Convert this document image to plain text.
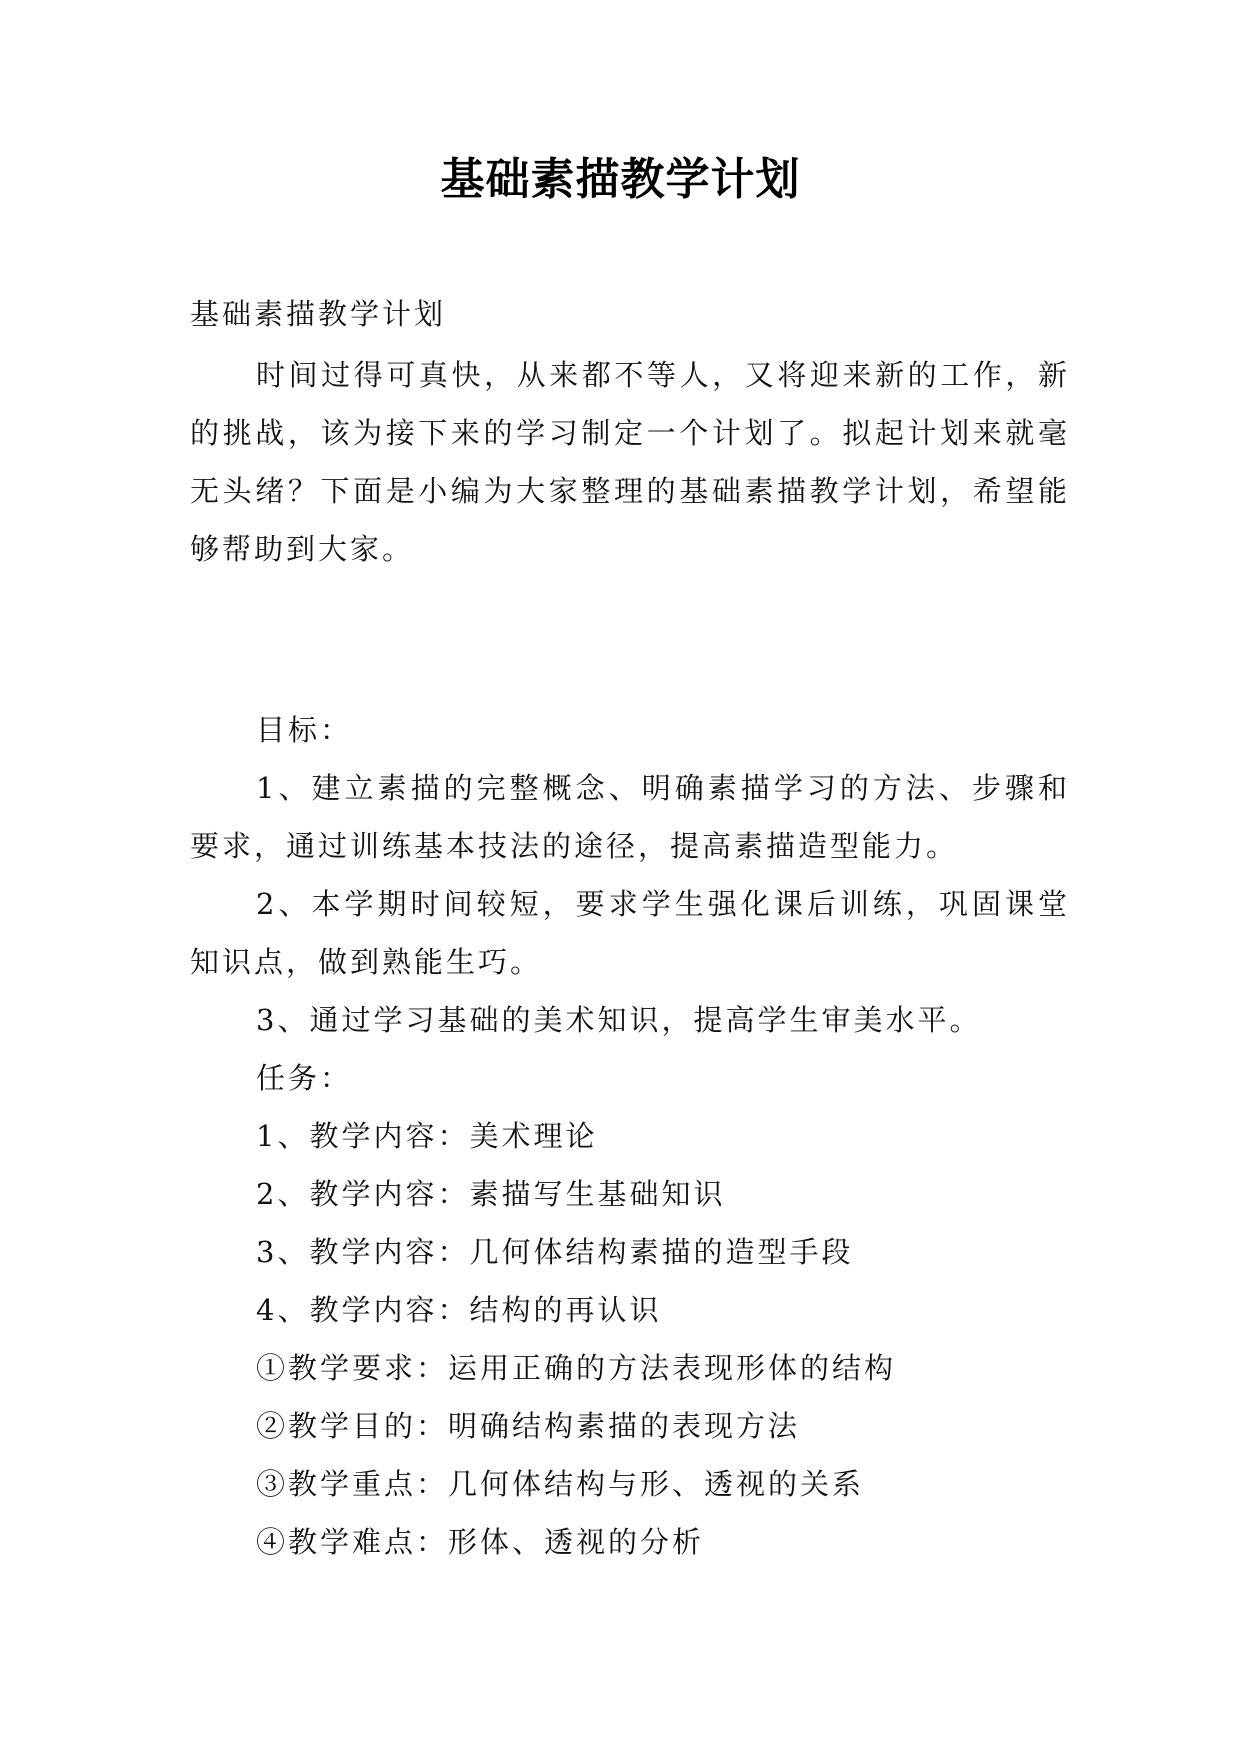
基础素描教学计划
基础素描教学计划

时间过得可真快，从来都不等人，又将迎来新的工作，新的挑战，该为接下来的学习制定一个计划了。拟起计划来就毫无头绪？下面是小编为大家整理的基础素描教学计划，希望能够帮助到大家。

目标：

1、建立素描的完整概念、明确素描学习的方法、步骤和要求，通过训练基本技法的途径，提高素描造型能力。

2、本学期时间较短，要求学生强化课后训练，巩固课堂知识点，做到熟能生巧。

3、通过学习基础的美术知识，提高学生审美水平。

任务：

1、教学内容：美术理论

2、教学内容：素描写生基础知识

3、教学内容：几何体结构素描的造型手段

4、教学内容：结构的再认识

①教学要求：运用正确的方法表现形体的结构

②教学目的：明确结构素描的表现方法

③教学重点：几何体结构与形、透视的关系

④教学难点：形体、透视的分析
